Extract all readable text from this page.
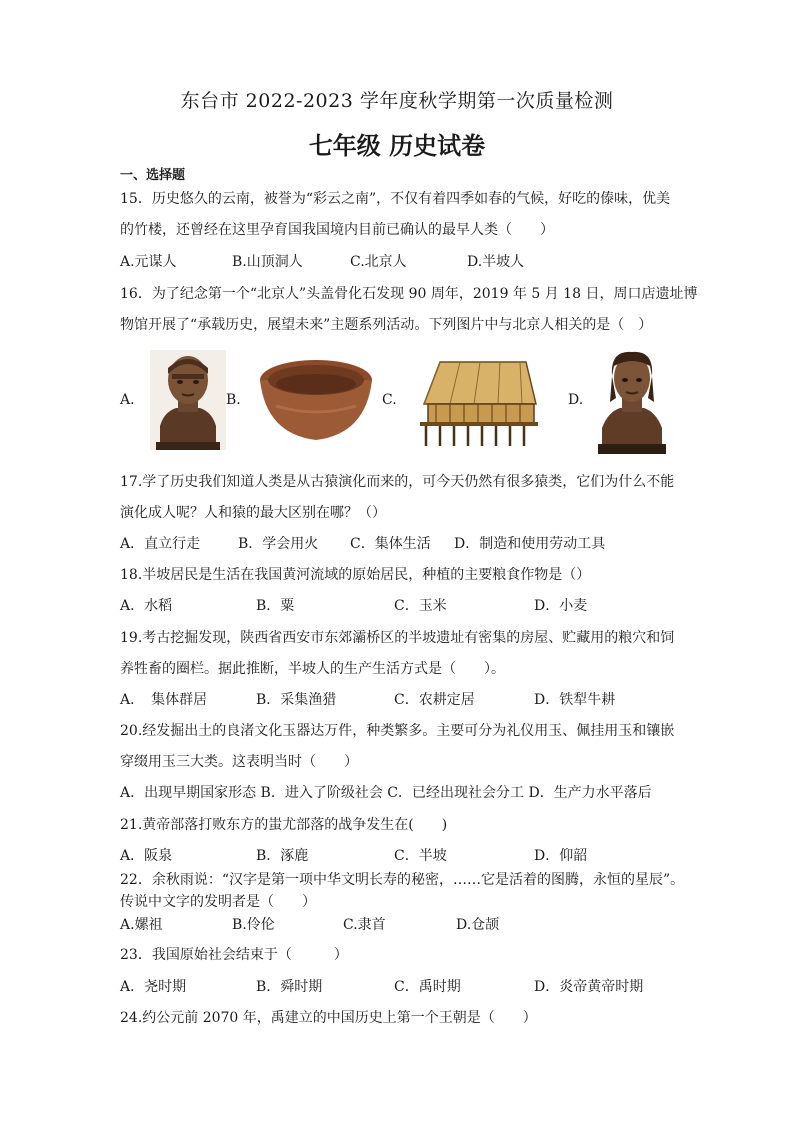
东台市 2022-2023 学年度秋学期第一次质量检测
七年级 历史试卷
一、选择题
15．历史悠久的云南，被誉为“彩云之南”，不仅有着四季如春的气候，好吃的傣味，优美
的竹楼，还曾经在这里孕育国我国境内目前已确认的最早人类（　　）
A.元谋人	B.山顶洞人	C.北京人	D.半坡人
16．为了纪念第一个“北京人”头盖骨化石发现 90 周年，2019 年 5 月 18 日，周口店遗址博
物馆开展了“承载历史，展望未来”主题系列活动。下列图片中与北京人相关的是（　）
A.	B.	C.	D.
17.学了历史我们知道人类是从古猿演化而来的，可今天仍然有很多猿类，它们为什么不能
演化成人呢？人和猿的最大区别在哪？（）
A．直立行走	B．学会用火 C．集体生活 D．制造和使用劳动工具
18.半坡居民是生活在我国黄河流域的原始居民，种植的主要粮食作物是（）
A．水稻	B．粟	C．玉米	D．小麦
19.考古挖掘发现，陕西省西安市东郊灞桥区的半坡遗址有密集的房屋、贮藏用的粮穴和饲
养牲畜的圈栏。据此推断，半坡人的生产生活方式是（　　）。
A．　集体群居	B．采集渔猎	C．农耕定居	D．铁犁牛耕
20.经发掘出土的良渚文化玉器达万件，种类繁多。主要可分为礼仪用玉、佩挂用玉和镶嵌
穿缀用玉三大类。这表明当时（　　）
A．出现早期国家形态 B．进入了阶级社会 C．已经出现社会分工 D．生产力水平落后
21.黄帝部落打败东方的蚩尤部落的战争发生在(　　)
A．阪泉	B．涿鹿	C．半坡	D．仰韶
22．余秋雨说：“汉字是第一项中华文明长寿的秘密，……它是活着的图腾，永恒的星辰”。
传说中文字的发明者是（　　）
A.嫘祖	B.伶伦	C.隶首	D.仓颉
23．我国原始社会结束于（　　　）
A．尧时期	B．舜时期	C．禹时期	D．炎帝黄帝时期
24.约公元前 2070 年，禹建立的中国历史上第一个王朝是（　　）
